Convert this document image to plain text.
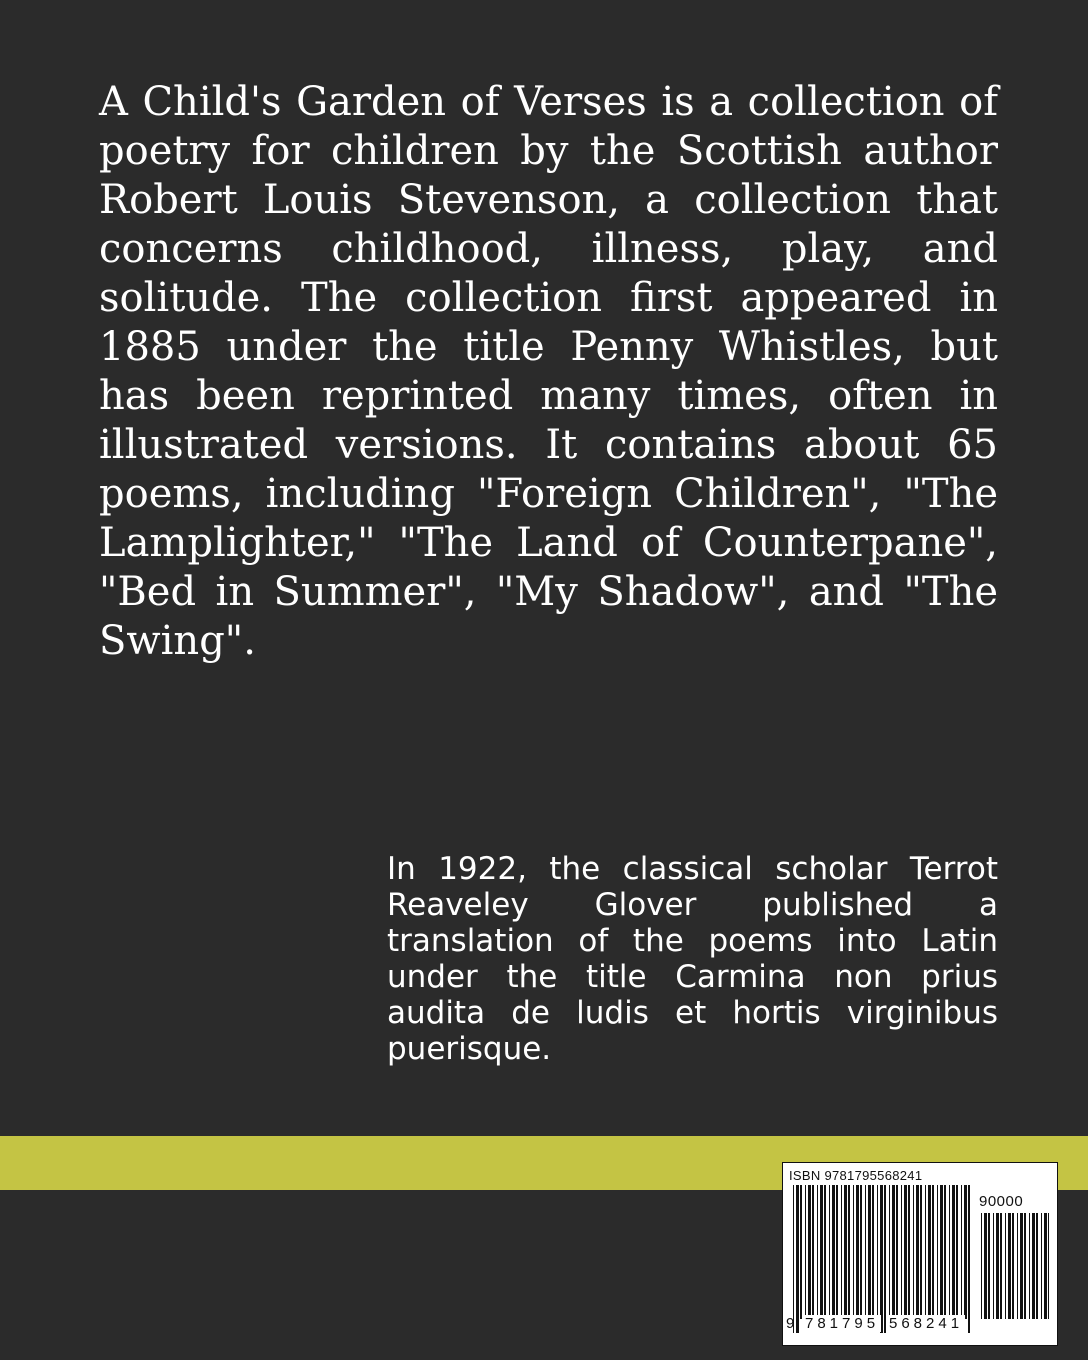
A Child's Garden of Verses is a collection of poetry for children by the Scottish author Robert Louis Stevenson, a collection that concerns childhood, illness, play, and solitude. The collection first appeared in 1885 under the title Penny Whistles, but has been reprinted many times, often in illustrated versions. It contains about 65 poems, including "Foreign Children", "The Lamplighter," "The Land of Counterpane", "Bed in Summer", "My Shadow", and "The Swing".

In 1922, the classical scholar Terrot Reaveley Glover published a translation of the poems into Latin under the title Carmina non prius audita de ludis et hortis virginibus puerisque.

ISBN 9781795568241
90000
9 781795 568241
